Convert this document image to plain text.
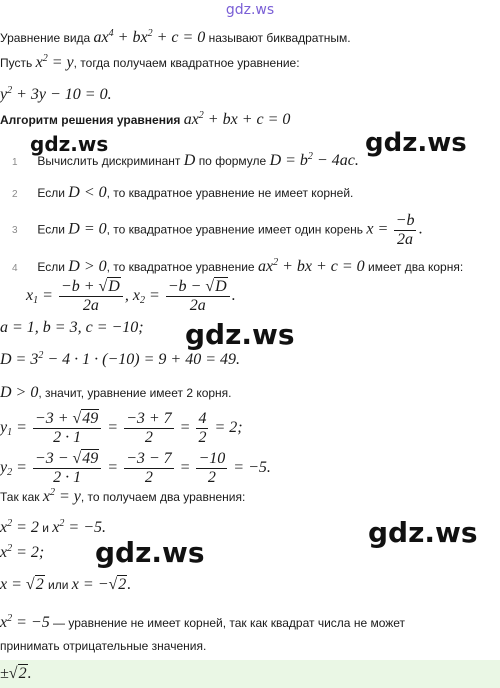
gdz.ws
Уравнение вида $ax^4 + bx^2 + c = 0$ называют биквадратным.
Пусть $x^2 = y$, тогда получаем квадратное уравнение:
$y^2 + 3y - 10 = 0$.
Алгоритм решения уравнения $ax^2$ + bx + c = 0
gdz.ws	gdz.ws
1 Вычислить дискриминант D по формуле $D = b^2 - 4ac$.
2 Если D < 0, то квадратное уравнение не имеет корней.
3 Если D = 0, то квадратное уравнение имеет один корень $x = \frac{-b}{2a}$ .
4 Если D > 0, то квадратное уравнение $ax^2$ + bx + c = 0 имеет два корня:
$x_1 = \frac{-b + √D}{2a}$ , $x_2 = \frac{-b - √D}{2a}$ .
a = 1, b = 3, c = −10; gdz.ws
$D = 3^2 - 4 \cdot 1 \cdot (-10) = 9 + 40 = 49$.
D > 0, значит, уравнение имеет 2 корня.
$y_1 = \frac{-3 + √49}{2 \cdot 1} = \frac{-3 + 7}{2} = \frac{4}{2} = 2$;
$y_2 = \frac{-3 - √49}{2 \cdot 1} = \frac{-3 - 7}{2} = \frac{-10}{2} = -5$.
Так как $x^2 = y$, то получаем два уравнения:
$x^2 = 2$ и $x^2 = -5$.	gdz.ws
$x^2 = 2$; gdz.ws
x = √2 или x = −√2.
$x^2 = -5$ — уравнение не имеет корней, так как квадрат числа не может
принимать отрицательные значения.
±√2.
